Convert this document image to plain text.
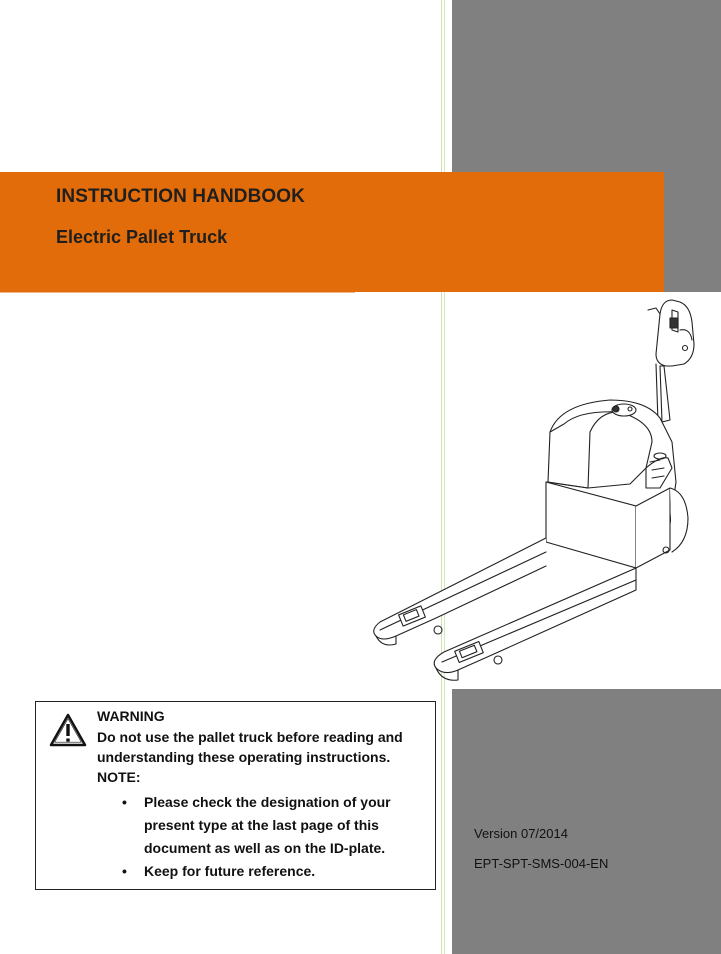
INSTRUCTION HANDBOOK
Electric Pallet Truck
WARNING
Do not use the pallet truck before reading and understanding these operating instructions.
NOTE:
• Please check the designation of your present type at the last page of this document as well as on the ID-plate.
• Keep for future reference.
Version 07/2014
EPT-SPT-SMS-004-EN
